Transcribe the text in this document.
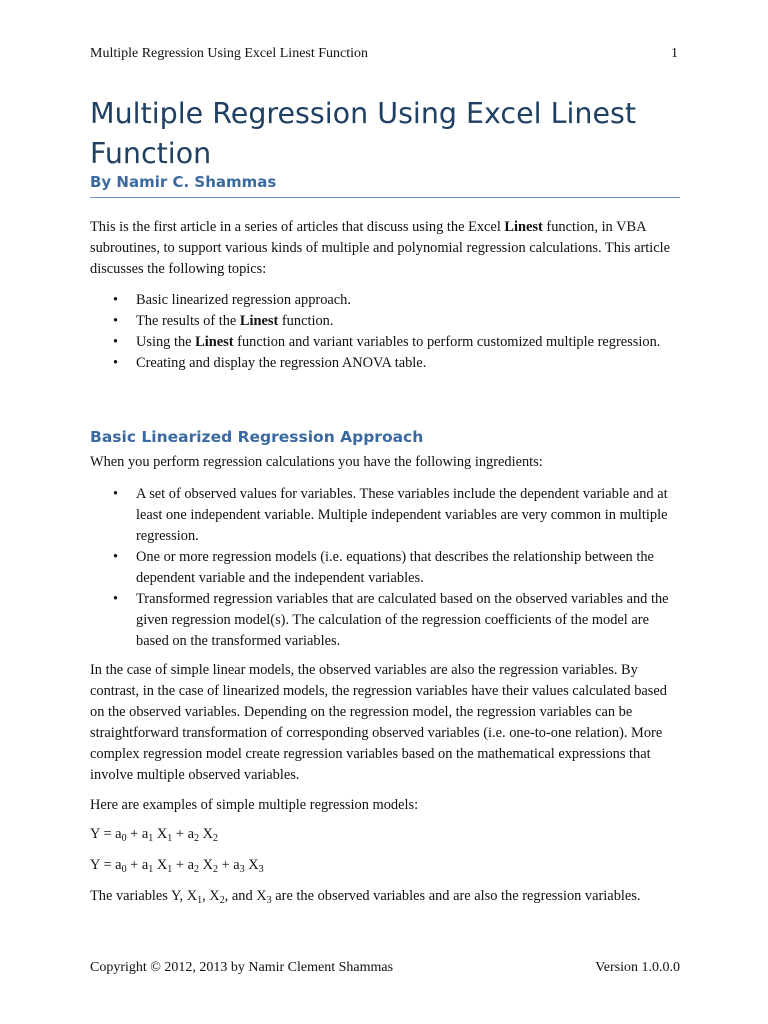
Multiple Regression Using Excel Linest Function	1
Multiple Regression Using Excel Linest
Function
By Namir C. Shammas

This is the first article in a series of articles that discuss using the Excel Linest function, in VBA subroutines, to support various kinds of multiple and polynomial regression calculations. This article discusses the following topics:

• Basic linearized regression approach.
• The results of the Linest function.
• Using the Linest function and variant variables to perform customized multiple regression.
• Creating and display the regression ANOVA table.
Basic Linearized Regression Approach

When you perform regression calculations you have the following ingredients:

• A set of observed values for variables. These variables include the dependent variable and at least one independent variable. Multiple independent variables are very common in multiple regression.
• One or more regression models (i.e. equations) that describes the relationship between the dependent variable and the independent variables.
• Transformed regression variables that are calculated based on the observed variables and the given regression model(s). The calculation of the regression coefficients of the model are based on the transformed variables.

In the case of simple linear models, the observed variables are also the regression variables. By contrast, in the case of linearized models, the regression variables have their values calculated based on the observed variables. Depending on the regression model, the regression variables can be straightforward transformation of corresponding observed variables (i.e. one-to-one relation). More complex regression model create regression variables based on the mathematical expressions that involve multiple observed variables.

Here are examples of simple multiple regression models:

$Y = a_0 + a_1$ $X_1 + a_2$ $X_2$
$Y = a_0 + a_1$ $X_1 + a_2$ $X_2 + a_3$ $X_3$
The variables Y, $X_1$, $X_2$, and $X_3$ are the observed variables and are also the regression variables.
Copyright © 2012, 2013 by Namir Clement Shammas	Version 1.0.0.0
